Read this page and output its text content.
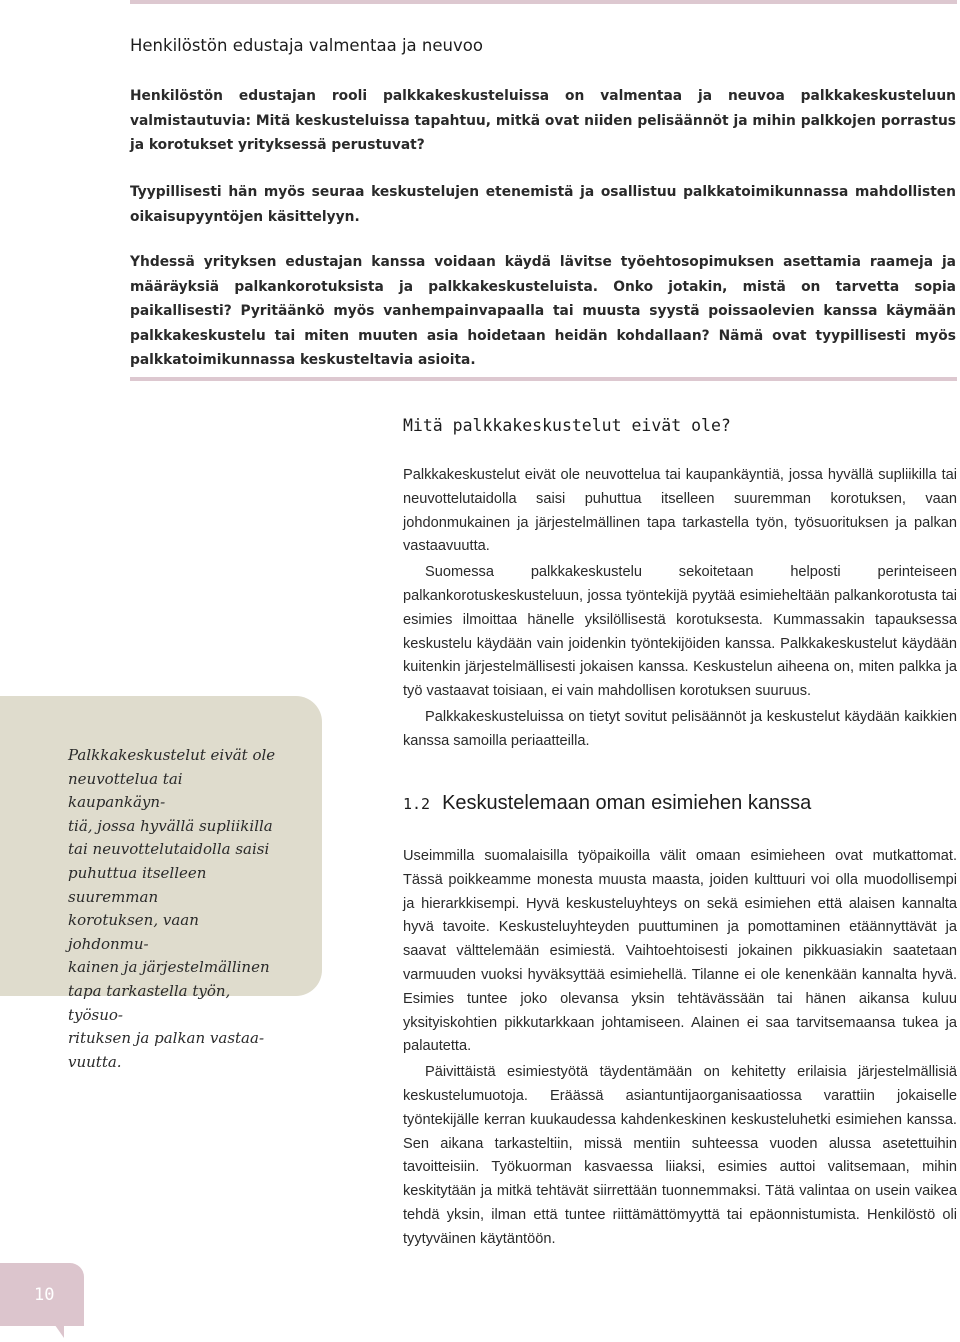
Henkilöstön edustaja valmentaa ja neuvoo

Henkilöstön edustajan rooli palkkakeskusteluissa on valmentaa ja neuvoa palkkakeskusteluun valmistautuvia: Mitä keskusteluissa tapahtuu, mitkä ovat niiden pelisäännöt ja mihin palkkojen porrastus ja korotukset yrityksessä perustuvat?

Tyypillisesti hän myös seuraa keskustelujen etenemistä ja osallistuu palkkatoimikunnassa mahdollisten oikaisupyyntöjen käsittelyyn.

Yhdessä yrityksen edustajan kanssa voidaan käydä lävitse työehtosopimuksen asettamia raameja ja määräyksiä palkankorotuksista ja palkkakeskusteluista. Onko jotakin, mistä on tarvetta sopia paikallisesti? Pyritäänkö myös vanhempainvapaalla tai muusta syystä poissaolevien kanssa käymään palkkakeskustelu tai miten muuten asia hoidetaan heidän kohdallaan? Nämä ovat tyypillisesti myös palkkatoimikunnassa keskusteltavia asioita.

Mitä palkkakeskustelut eivät ole?

Palkkakeskustelut eivät ole neuvottelua tai kaupankäyntiä, jossa hyvällä supliikilla tai neuvottelutaidolla saisi puhuttua itselleen suuremman korotuksen, vaan johdonmukainen ja järjestelmällinen tapa tarkastella työn, työsuorituksen ja palkan vastaavuutta.

Suomessa palkkakeskustelu sekoitetaan helposti perinteiseen palkankorotuskeskusteluun, jossa työntekijä pyytää esimieheltään palkankorotusta tai esimies ilmoittaa hänelle yksilöllisestä korotuksesta. Kummassakin tapauksessa keskustelu käydään vain joidenkin työntekijöiden kanssa. Palkkakeskustelut käydään kuitenkin järjestelmällisesti jokaisen kanssa. Keskustelun aiheena on, miten palkka ja työ vastaavat toisiaan, ei vain mahdollisen korotuksen suuruus.

Palkkakeskusteluissa on tietyt sovitut pelisäännöt ja keskustelut käydään kaikkien kanssa samoilla periaatteilla.

1.2 Keskustelemaan oman esimiehen kanssa

Useimmilla suomalaisilla työpaikoilla välit omaan esimieheen ovat mutkattomat. Tässä poikkeamme monesta muusta maasta, joiden kulttuuri voi olla muodollisempi ja hierarkkisempi. Hyvä keskusteluyhteys on sekä esimiehen että alaisen kannalta hyvä tavoite. Keskusteluyhteyden puuttuminen ja pomottaminen etäännyttävät ja saavat välttelemään esimiestä. Vaihtoehtoisesti jokainen pikkuasiakin saatetaan varmuuden vuoksi hyväksyttää esimiehellä. Tilanne ei ole kenenkään kannalta hyvä. Esimies tuntee joko olevansa yksin tehtävässään tai hänen aikansa kuluu yksityiskohtien pikkutarkkaan johtamiseen. Alainen ei saa tarvitsemaansa tukea ja palautetta.

Päivittäistä esimiestyötä täydentämään on kehitetty erilaisia järjestelmällisiä keskustelumuotoja. Eräässä asiantuntijaorganisaatiossa varattiin jokaiselle työntekijälle kerran kuukaudessa kahdenkeskinen keskusteluhetki esimiehen kanssa. Sen aikana tarkasteltiin, missä mentiin suhteessa vuoden alussa asetettuihin tavoitteisiin. Työkuorman kasvaessa liiaksi, esimies auttoi valitsemaan, mihin keskitytään ja mitkä tehtävät siirrettään tuonnemmaksi. Tätä valintaa on usein vaikea tehdä yksin, ilman että tuntee riittämättömyyttä tai epäonnistumista. Henkilöstö oli tyytyväinen käytäntöön.

Palkkakeskustelut eivät ole
neuvottelua tai kaupankäyn-
tiä, jossa hyvällä supliikilla
tai neuvottelutaidolla saisi
puhuttua itselleen suuremman
korotuksen, vaan johdonmu-
kainen ja järjestelmällinen
tapa tarkastella työn, työsuo-
rituksen ja palkan vastaa-
vuutta.
10
